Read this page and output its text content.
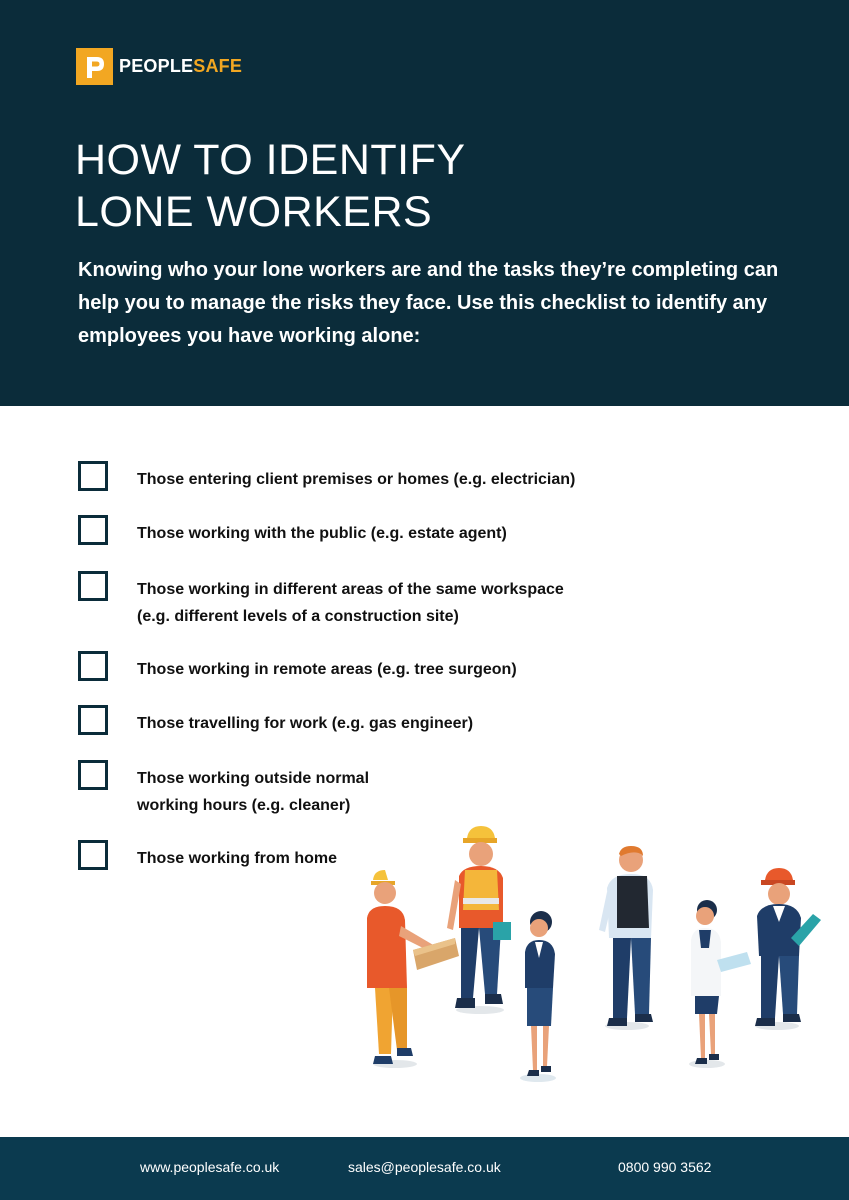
PEOPLESAFE
HOW TO IDENTIFY
LONE WORKERS

Knowing who your lone workers are and the tasks they’re completing can help you to manage the risks they face. Use this checklist to identify any employees you have working alone:

Those entering client premises or homes (e.g. electrician)
Those working with the public (e.g. estate agent)
Those working in different areas of the same workspace
(e.g. different levels of a construction site)
Those working in remote areas (e.g. tree surgeon)
Those travelling for work (e.g. gas engineer)
Those working outside normal
working hours (e.g. cleaner)
Those working from home
www.peoplesafe.co.uk	sales@peoplesafe.co.uk	0800 990 3562
